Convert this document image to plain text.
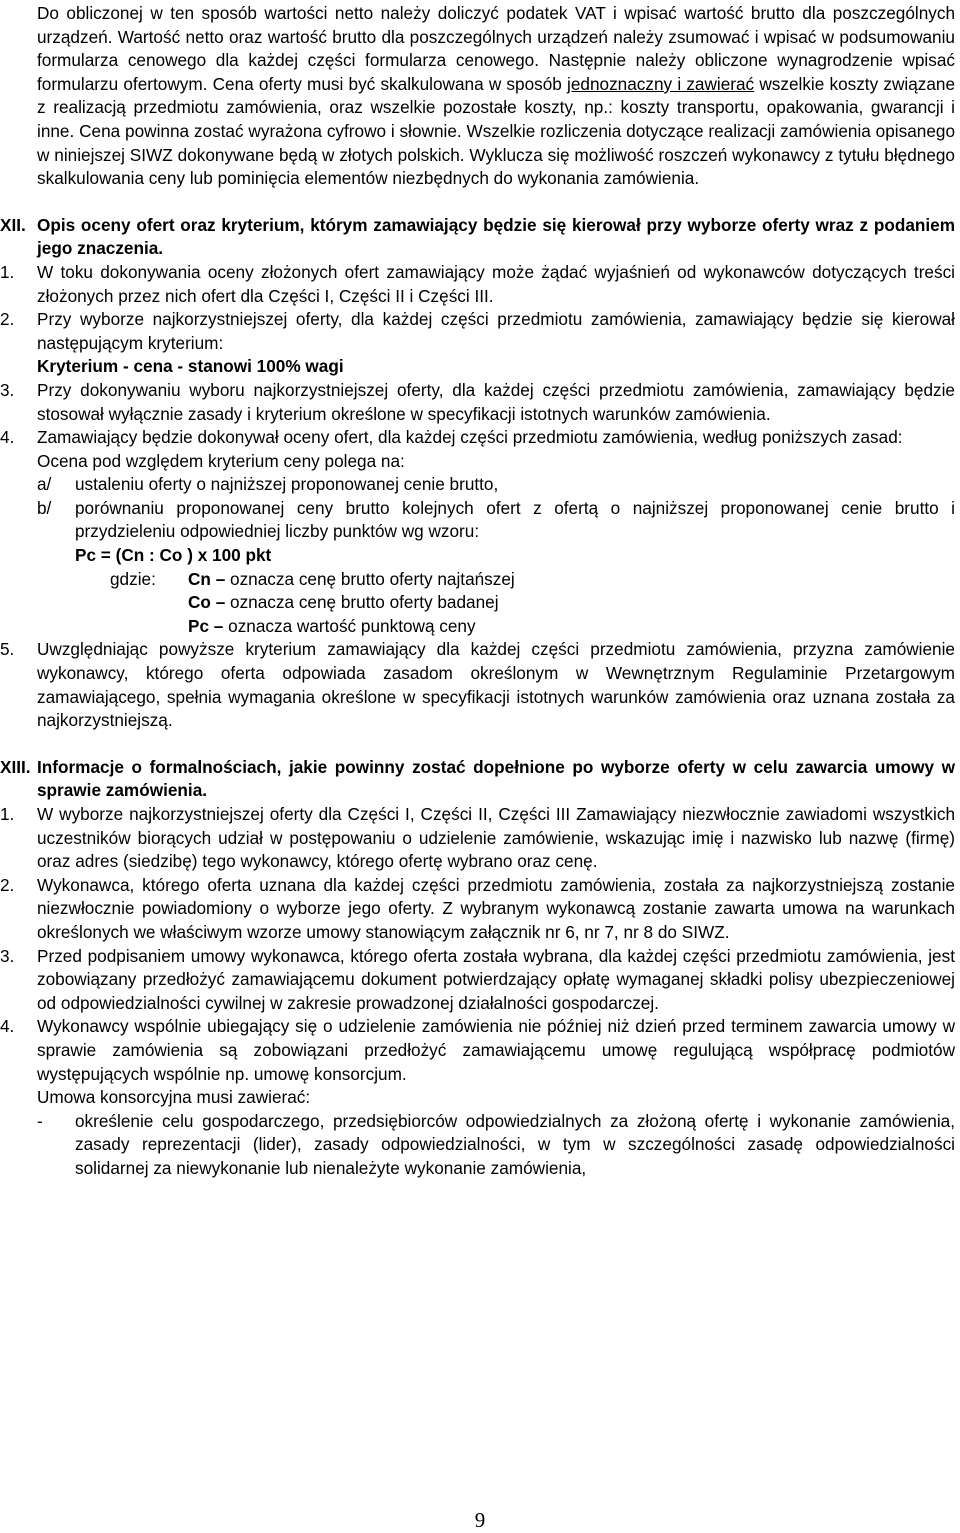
Do obliczonej w ten sposób wartości netto należy doliczyć podatek VAT i wpisać wartość brutto dla poszczególnych urządzeń. Wartość netto oraz wartość brutto dla poszczególnych urządzeń należy zsumować i wpisać w podsumowaniu formularza cenowego dla każdej części formularza cenowego. Następnie należy obliczone wynagrodzenie wpisać formularzu ofertowym. Cena oferty musi być skalkulowana w sposób jednoznaczny i zawierać wszelkie koszty związane z realizacją przedmiotu zamówienia, oraz wszelkie pozostałe koszty, np.: koszty transportu, opakowania, gwarancji i inne. Cena powinna zostać wyrażona cyfrowo i słownie. Wszelkie rozliczenia dotyczące realizacji zamówienia opisanego w niniejszej SIWZ dokonywane będą w złotych polskich. Wyklucza się możliwość roszczeń wykonawcy z tytułu błędnego skalkulowania ceny lub pominięcia elementów niezbędnych do wykonania zamówienia.

XII. Opis oceny ofert oraz kryterium, którym zamawiający będzie się kierował przy wyborze oferty wraz z podaniem jego znaczenia.
1.	W toku dokonywania oceny złożonych ofert zamawiający może żądać wyjaśnień od wykonawców dotyczących treści złożonych przez nich ofert dla Części I, Części II i Części III.
2.	Przy wyborze najkorzystniejszej oferty, dla każdej części przedmiotu zamówienia, zamawiający będzie się kierował następującym kryterium:

Kryterium - cena - stanowi 100% wagi

3.	Przy dokonywaniu wyboru najkorzystniejszej oferty, dla każdej części przedmiotu zamówienia, zamawiający będzie stosował wyłącznie zasady i kryterium określone w specyfikacji istotnych warunków zamówienia.
4.	Zamawiający będzie dokonywał oceny ofert, dla każdej części przedmiotu zamówienia, według poniższych zasad:

Ocena pod względem kryterium ceny polega na:

a/	ustaleniu oferty o najniższej proponowanej cenie brutto,
b/	porównaniu proponowanej ceny brutto kolejnych ofert z ofertą o najniższej proponowanej cenie brutto i przydzieleniu odpowiedniej liczby punktów wg wzoru:

Pc = (Cn : Co ) x 100 pkt

gdzie:	Cn – oznacza cenę brutto oferty najtańszej
Co – oznacza cenę brutto oferty badanej
Pc – oznacza wartość punktową ceny
5.	Uwzględniając powyższe kryterium zamawiający dla każdej części przedmiotu zamówienia, przyzna zamówienie wykonawcy, którego oferta odpowiada zasadom określonym w Wewnętrznym Regulaminie Przetargowym zamawiającego, spełnia wymagania określone w specyfikacji istotnych warunków zamówienia oraz uznana została za najkorzystniejszą.
XIII. Informacje o formalnościach, jakie powinny zostać dopełnione po wyborze oferty w celu zawarcia umowy w sprawie zamówienia.
1.	W wyborze najkorzystniejszej oferty dla Części I, Części II, Części III Zamawiający niezwłocznie zawiadomi wszystkich uczestników biorących udział w postępowaniu o udzielenie zamówienie, wskazując imię i nazwisko lub nazwę (firmę) oraz adres (siedzibę) tego wykonawcy, którego ofertę wybrano oraz cenę.
2.	Wykonawca, którego oferta uznana dla każdej części przedmiotu zamówienia, została za najkorzystniejszą zostanie niezwłocznie powiadomiony o wyborze jego oferty. Z wybranym wykonawcą zostanie zawarta umowa na warunkach określonych we właściwym wzorze umowy stanowiącym załącznik nr 6, nr 7, nr 8 do SIWZ.
3.	Przed podpisaniem umowy wykonawca, którego oferta została wybrana, dla każdej części przedmiotu zamówienia, jest zobowiązany przedłożyć zamawiającemu dokument potwierdzający opłatę wymaganej składki polisy ubezpieczeniowej od odpowiedzialności cywilnej w zakresie prowadzonej działalności gospodarczej.
4.	Wykonawcy wspólnie ubiegający się o udzielenie zamówienia nie później niż dzień przed terminem zawarcia umowy w sprawie zamówienia są zobowiązani przedłożyć zamawiającemu umowę regulującą współpracę podmiotów występujących wspólnie np. umowę konsorcjum.

Umowa konsorcyjna musi zawierać:

-	określenie celu gospodarczego, przedsiębiorców odpowiedzialnych za złożoną ofertę i wykonanie zamówienia, zasady reprezentacji (lider), zasady odpowiedzialności, w tym w szczególności zasadę odpowiedzialności solidarnej za niewykonanie lub nienależyte wykonanie zamówienia,
9
